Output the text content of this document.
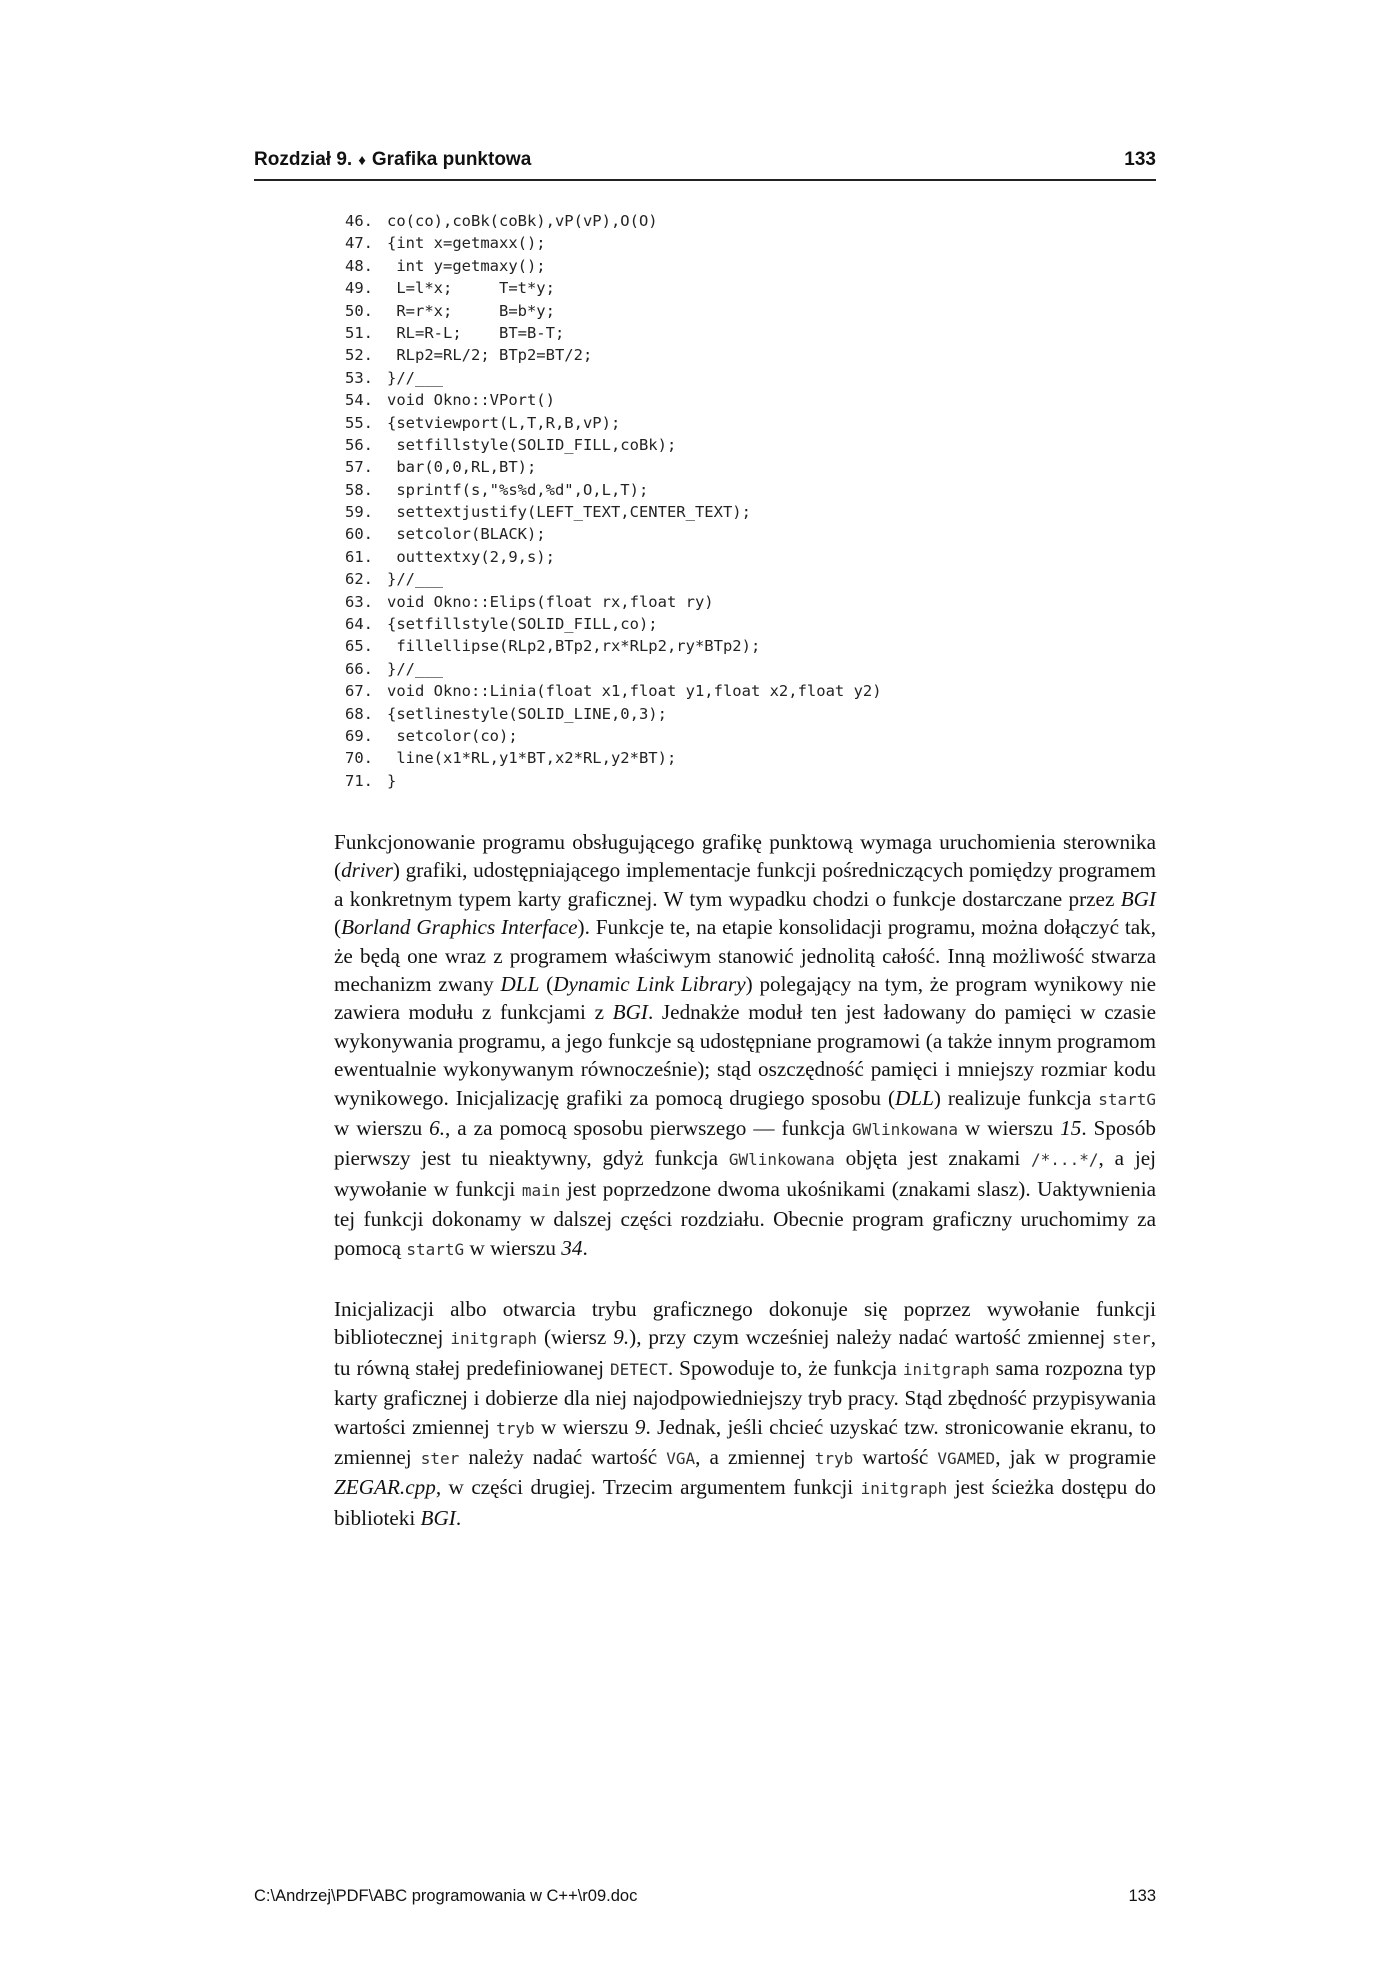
Rozdział 9. ♦ Grafika punktowa	133
46. co(co),coBk(coBk),vP(vP),O(O)
47. {int x=getmaxx();
48. int y=getmaxy();
49. L=l*x;     T=t*y;
50. R=r*x;     B=b*y;
51. RL=R-L;    BT=B-T;
52. RLp2=RL/2; BTp2=BT/2;
53. }//___
54. void Okno::VPort()
55. {setviewport(L,T,R,B,vP);
56. setfillstyle(SOLID_FILL,coBk);
57. bar(0,0,RL,BT);
58. sprintf(s,"%s%d,%d",O,L,T);
59. settextjustify(LEFT_TEXT,CENTER_TEXT);
60. setcolor(BLACK);
61. outtextxy(2,9,s);
62. }//___
63. void Okno::Elips(float rx,float ry)
64. {setfillstyle(SOLID_FILL,co);
65. fillellipse(RLp2,BTp2,rx*RLp2,ry*BTp2);
66. }//___
67. void Okno::Linia(float x1,float y1,float x2,float y2)
68. {setlinestyle(SOLID_LINE,0,3);
69. setcolor(co);
70. line(x1*RL,y1*BT,x2*RL,y2*BT);
71. }

Funkcjonowanie programu obsługującego grafikę punktową wymaga uruchomienia sterownika (driver) grafiki, udostępniającego implementacje funkcji pośredniczących pomiędzy programem a konkretnym typem karty graficznej. W tym wypadku chodzi o funkcje dostarczane przez BGI (Borland Graphics Interface). Funkcje te, na etapie konsolidacji programu, można dołączyć tak, że będą one wraz z programem właściwym stanowić jednolitą całość. Inną możliwość stwarza mechanizm zwany DLL (Dynamic Link Library) polegający na tym, że program wynikowy nie zawiera modułu z funkcjami z BGI. Jednakże moduł ten jest ładowany do pamięci w czasie wykonywania programu, a jego funkcje są udostępniane programowi (a także innym programom ewentualnie wykonywanym równocześnie); stąd oszczędność pamięci i mniejszy rozmiar kodu wynikowego. Inicjalizację grafiki za pomocą drugiego sposobu (DLL) realizuje funkcja startG w wierszu 6., a za pomocą sposobu pierwszego — funkcja GWlinkowana w wierszu 15. Sposób pierwszy jest tu nieaktywny, gdyż funkcja GWlinkowana objęta jest znakami /*...*/, a jej wywołanie w funkcji main jest poprzedzone dwoma ukośnikami (znakami slasz). Uaktywnienia tej funkcji dokonamy w dalszej części rozdziału. Obecnie program graficzny uruchomimy za pomocą startG w wierszu 34.

Inicjalizacji albo otwarcia trybu graficznego dokonuje się poprzez wywołanie funkcji bibliotecznej initgraph (wiersz 9.), przy czym wcześniej należy nadać wartość zmiennej ster, tu równą stałej predefiniowanej DETECT. Spowoduje to, że funkcja initgraph sama rozpozna typ karty graficznej i dobierze dla niej najodpowiedniejszy tryb pracy. Stąd zbędność przypisywania wartości zmiennej tryb w wierszu 9. Jednak, jeśli chcieć uzyskać tzw. stronicowanie ekranu, to zmiennej ster należy nadać wartość VGA, a zmiennej tryb wartość VGAMED, jak w programie ZEGAR.cpp, w części drugiej. Trzecim argumentem funkcji initgraph jest ścieżka dostępu do biblioteki BGI.

C:\Andrzej\PDF\ABC programowania w C++\r09.doc	133
